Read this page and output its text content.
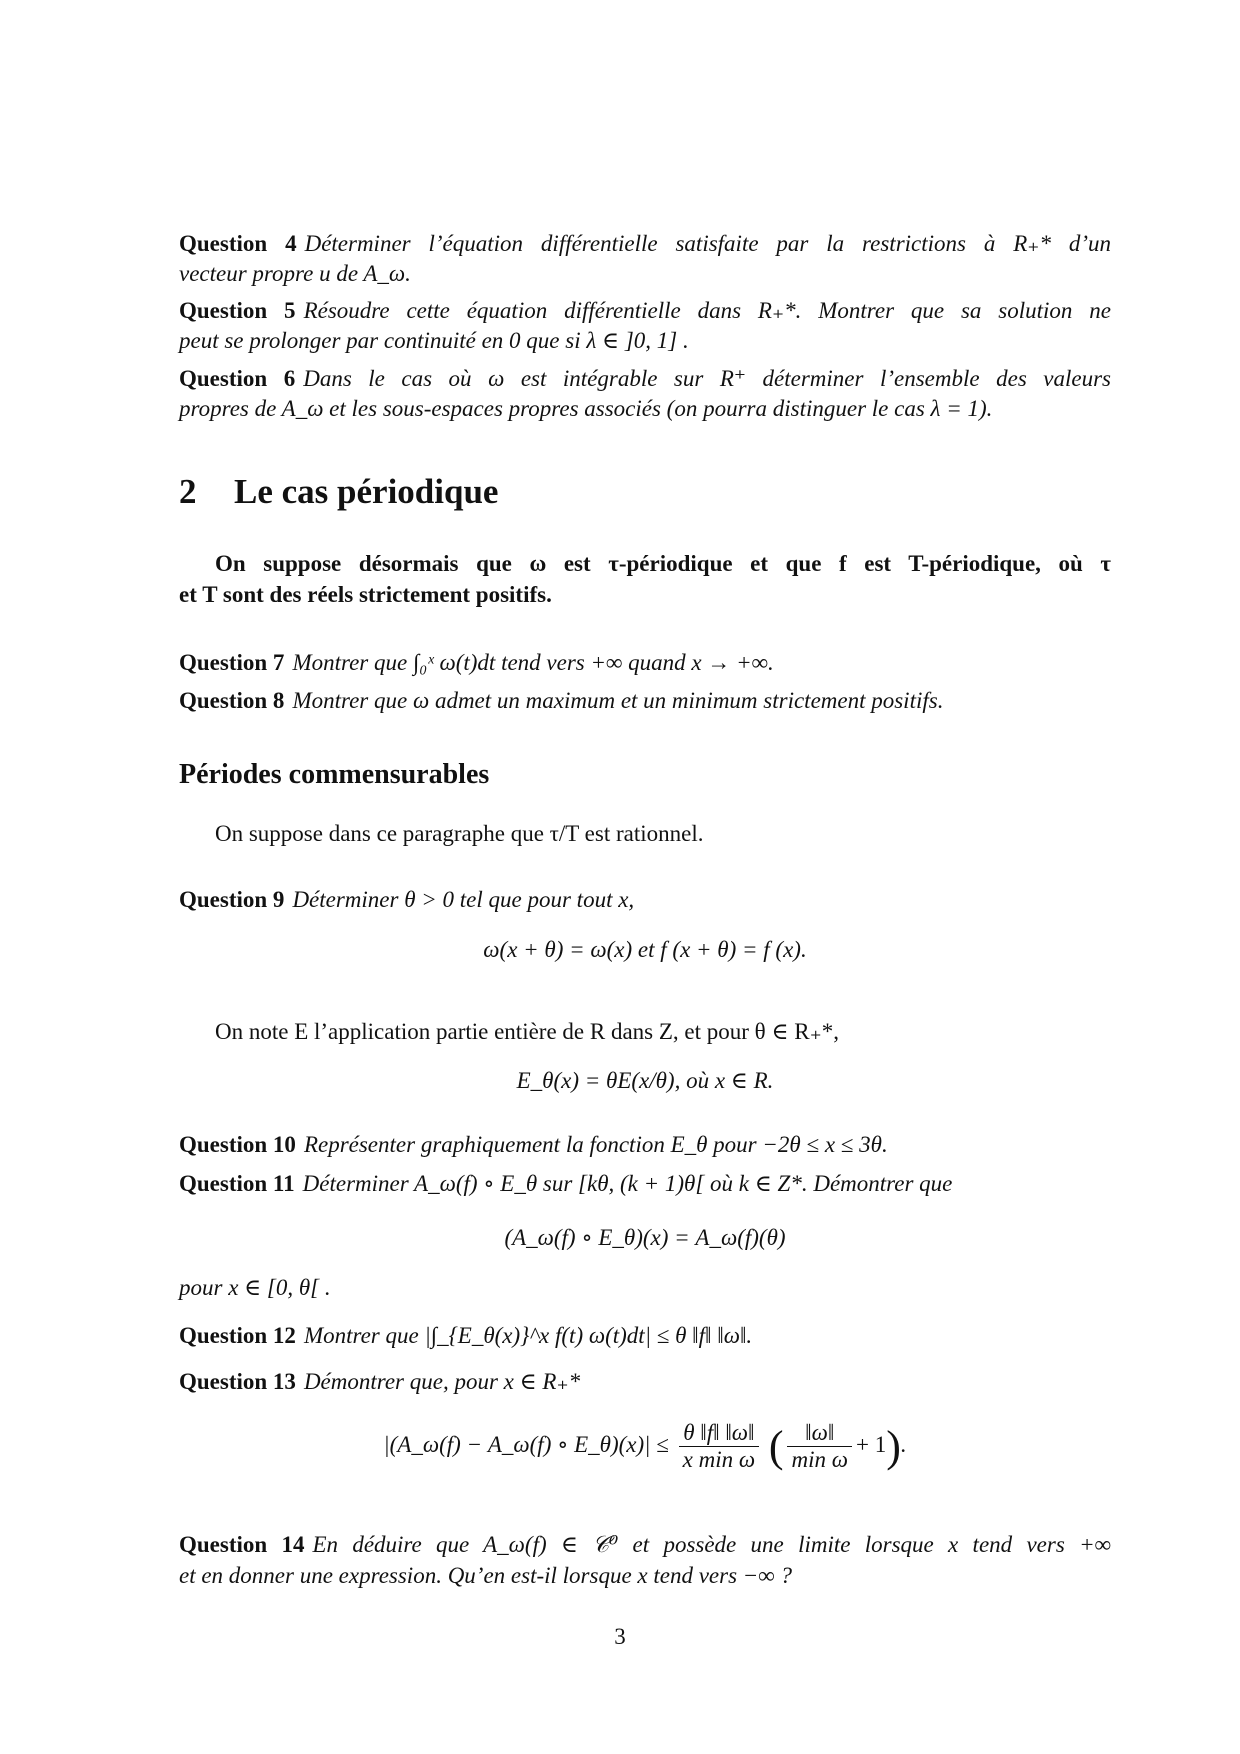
Question 4 Déterminer l’équation différentielle satisfaite par la restrictions à R₊* d’un
vecteur propre u de A_ω.
Question 5 Résoudre cette équation différentielle dans R₊*. Montrer que sa solution ne
peut se prolonger par continuité en 0 que si λ ∈ ]0, 1] .
Question 6 Dans le cas où ω est intégrable sur R⁺ déterminer l’ensemble des valeurs
propres de A_ω et les sous-espaces propres associés (on pourra distinguer le cas λ = 1).
2 Le cas périodique
On suppose désormais que ω est τ-périodique et que f est T-périodique, où τ
et T sont des réels strictement positifs.
Question 7 Montrer que ∫₀ˣ ω(t)dt tend vers +∞ quand x → +∞.
Question 8 Montrer que ω admet un maximum et un minimum strictement positifs.
Périodes commensurables
On suppose dans ce paragraphe que τ/T est rationnel.
Question 9 Déterminer θ > 0 tel que pour tout x,
ω(x + θ) = ω(x) et f (x + θ) = f (x).
On note E l’application partie entière de R dans Z, et pour θ ∈ R₊*,
E_θ(x) = θE(x/θ), où x ∈ R.
Question 10 Représenter graphiquement la fonction E_θ pour −2θ ≤ x ≤ 3θ.
Question 11 Déterminer A_ω(f) ∘ E_θ sur [kθ, (k + 1)θ[ où k ∈ Z*. Démontrer que
(A_ω(f) ∘ E_θ)(x) = A_ω(f)(θ)
pour x ∈ [0, θ[ .
Question 12 Montrer que |∫_{E_θ(x)}^x f(t) ω(t)dt| ≤ θ ‖f‖ ‖ω‖.
Question 13 Démontrer que, pour x ∈ R₊*
|(A_ω(f) − A_ω(f) ∘ E_θ)(x)| ≤ $\frac{\theta ‖f‖ ‖\omega‖}{\text{x min ω}}$ ( $\frac{‖\omega‖}{\text{min ω}} + 1$).
Question 14 En déduire que A_ω(f) ∈ 𝒞⁰ et possède une limite lorsque x tend vers +∞
et en donner une expression. Qu’en est-il lorsque x tend vers −∞ ?
3
